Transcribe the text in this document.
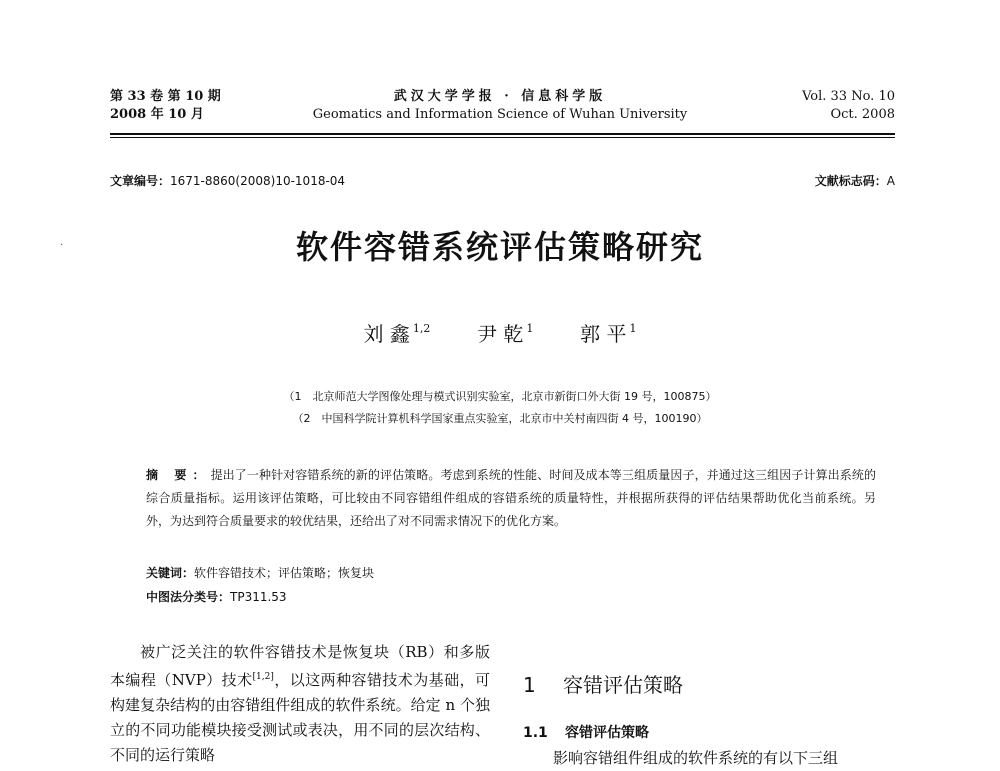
第 33 卷 第 10 期
2008 年 10 月
武汉大学学报 · 信息科学版
Geomatics and Information Science of Wuhan University
Vol. 33 No. 10
Oct. 2008
文章编号：1671-8860(2008)10-1018-04	文献标志码：A
·	软件容错系统评估策略研究
刘 鑫 $^{1,2}$ 尹 乾 $^1$ 郭 平 $^1$
（1　北京师范大学图像处理与模式识别实验室，北京市新街口外大街 19 号，100875）
（2　中国科学院计算机科学国家重点实验室，北京市中关村南四街 4 号，100190）
摘 要：提出了一种针对容错系统的新的评估策略。考虑到系统的性能、时间及成本等三组质量因子，并通过这三组因子计算出系统的综合质量指标。运用该评估策略，可比较由不同容错组件组成的容错系统的质量特性，并根据所获得的评估结果帮助优化当前系统。另外，为达到符合质量要求的较优结果，还给出了对不同需求情况下的优化方案。
关键词：软件容错技术；评估策略；恢复块
中图法分类号：TP311.53
被广泛关注的软件容错技术是恢复块（RB）和多版本编程（NVP）技术[1,2]，以这两种容错技术为基础，可构建复杂结构的由容错组件组成的软件系统。给定 n 个独立的不同功能模块接受测试或表决，用不同的层次结构、不同的运行策略
1 容错评估策略
1.1 容错评估策略
影响容错组件组成的软件系统的有以下三组
